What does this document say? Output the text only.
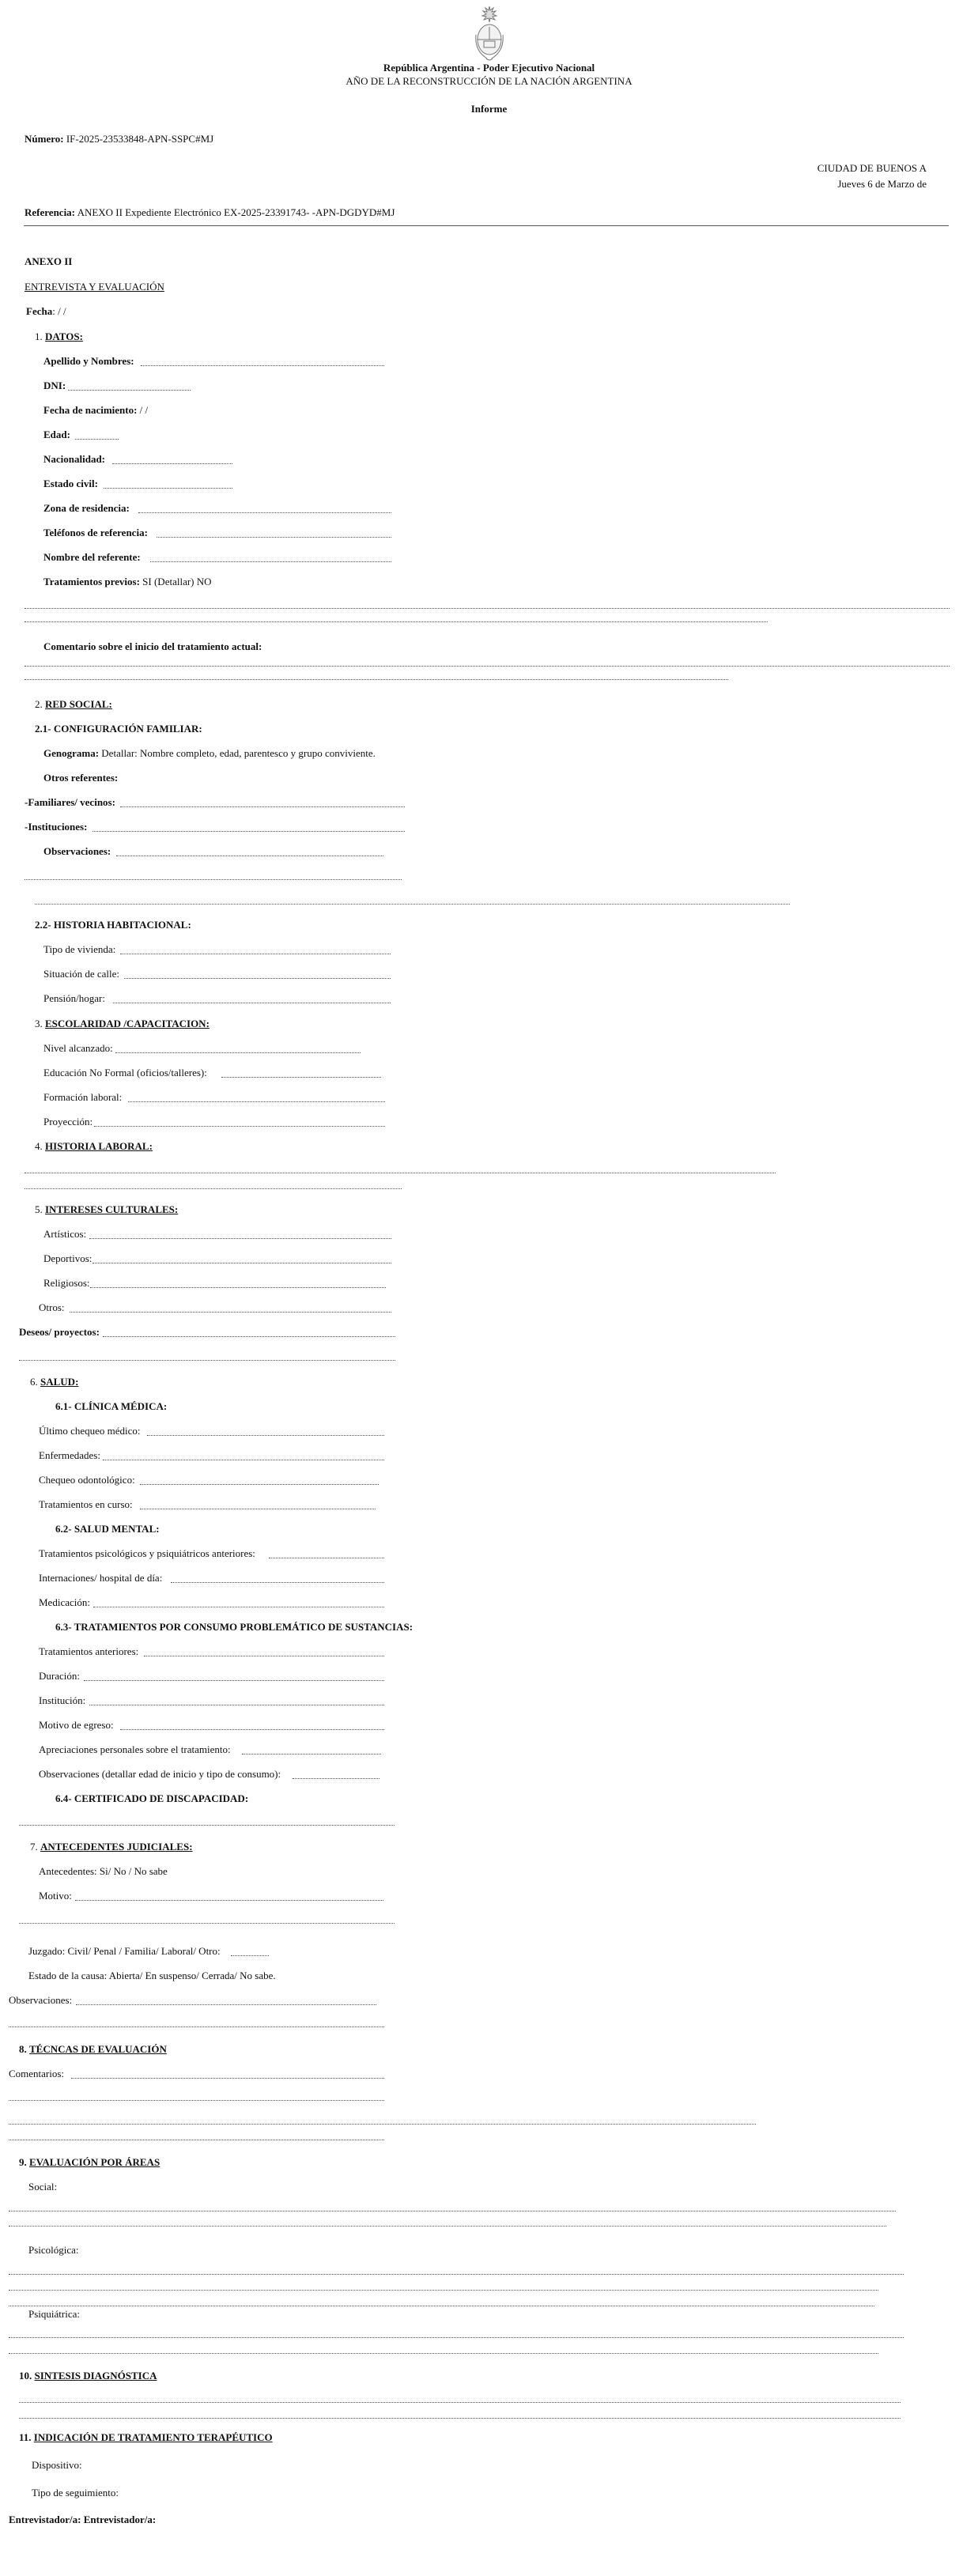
República Argentina - Poder Ejecutivo Nacional
AÑO DE LA RECONSTRUCCIÓN DE LA NACIÓN ARGENTINA
Informe
Número: IF-2025-23533848-APN-SSPC#MJ
CIUDAD DE BUENOS A
Jueves 6 de Marzo de
Referencia: ANEXO II Expediente Electrónico EX-2025-23391743- -APN-DGDYD#MJ
ANEXO II
ENTREVISTA Y EVALUACIÓN
Fecha: / /
1. DATOS:
Apellido y Nombres:
DNI:
Fecha de nacimiento: / /
Edad:
Nacionalidad:
Estado civil:
Zona de residencia:
Teléfonos de referencia:
Nombre del referente:
Tratamientos previos: SI (Detallar) NO
Comentario sobre el inicio del tratamiento actual:
2. RED SOCIAL:
2.1- CONFIGURACIÓN FAMILIAR:
Genograma: Detallar: Nombre completo, edad, parentesco y grupo conviviente.
Otros referentes:
-Familiares/ vecinos:
-Instituciones:
Observaciones:
2.2- HISTORIA HABITACIONAL:
Tipo de vivienda:
Situación de calle:
Pensión/hogar:
3. ESCOLARIDAD /CAPACITACION:
Nivel alcanzado:
Educación No Formal (oficios/talleres):
Formación laboral:
Proyección:
4. HISTORIA LABORAL:
5. INTERESES CULTURALES:
Artísticos:
Deportivos:
Religiosos:
Otros:
Deseos/ proyectos:
6. SALUD:
6.1- CLÍNICA MÉDICA:
Último chequeo médico:
Enfermedades:
Chequeo odontológico:
Tratamientos en curso:
6.2- SALUD MENTAL:
Tratamientos psicológicos y psiquiátricos anteriores:
Internaciones/ hospital de día:
Medicación:
6.3- TRATAMIENTOS POR CONSUMO PROBLEMÁTICO DE SUSTANCIAS:
Tratamientos anteriores:
Duración:
Institución:
Motivo de egreso:
Apreciaciones personales sobre el tratamiento:
Observaciones (detallar edad de inicio y tipo de consumo):
6.4- CERTIFICADO DE DISCAPACIDAD:
7. ANTECEDENTES JUDICIALES:
Antecedentes: Si/ No / No sabe
Motivo:
Juzgado: Civil/ Penal / Familia/ Laboral/ Otro:
Estado de la causa: Abierta/ En suspenso/ Cerrada/ No sabe.
Observaciones:
8. TÉCNCAS DE EVALUACIÓN
Comentarios:
9. EVALUACIÓN POR ÁREAS
Social:
Psicológica:
Psiquiátrica:
10. SINTESIS DIAGNÓSTICA
11. INDICACIÓN DE TRATAMIENTO TERAPÉUTICO
Dispositivo:
Tipo de seguimiento:
Entrevistador/a: Entrevistador/a:
